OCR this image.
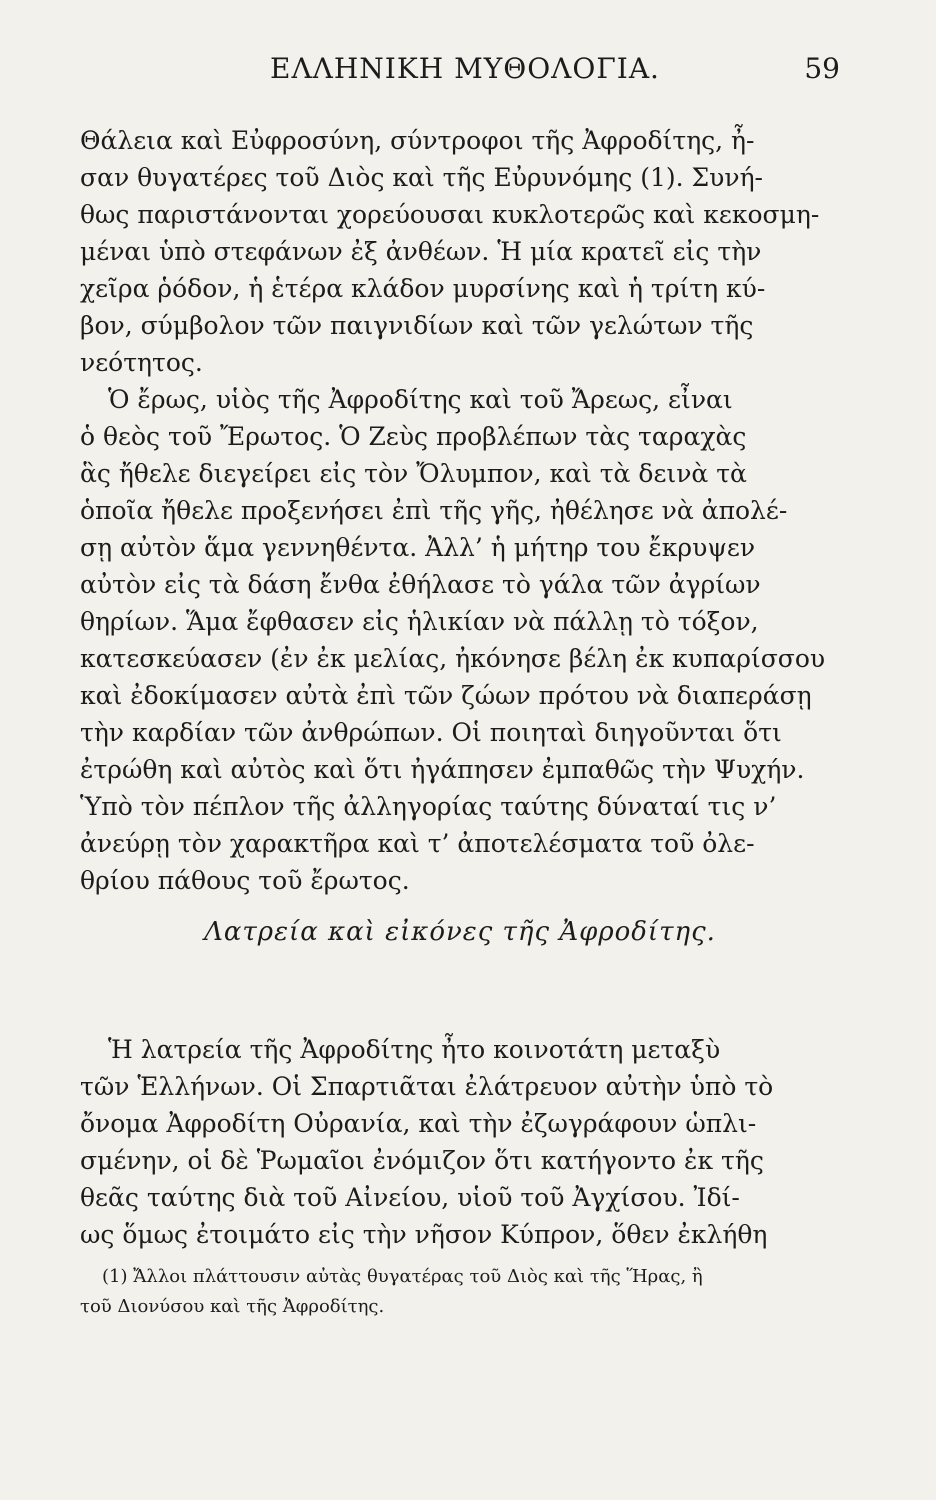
ΕΛΛΗΝΙΚΗ ΜΥΘΟΛΟΓΙΑ.	59
Θάλεια καὶ Εὐφροσύνη, σύντροφοι τῆς Ἀφροδίτης, ἦ-
σαν θυγατέρες τοῦ Διὸς καὶ τῆς Εὐρυνόμης (1). Συνή-
θως παριστάνονται χορεύουσαι κυκλοτερῶς καὶ κεκοσμη-
μέναι ὑπὸ στεφάνων ἐξ ἀνθέων. Ἡ μία κρατεῖ εἰς τὴν
χεῖρα ῥόδον, ἡ ἑτέρα κλάδον μυρσίνης καὶ ἡ τρίτη κύ-
βον, σύμβολον τῶν παιγνιδίων καὶ τῶν γελώτων τῆς
νεότητος.
Ὁ ἔρως, υἱὸς τῆς Ἀφροδίτης καὶ τοῦ Ἄρεως, εἶναι
ὁ θεὸς τοῦ Ἔρωτος. Ὁ Ζεὺς προβλέπων τὰς ταραχὰς
ἃς ἤθελε διεγείρει εἰς τὸν Ὄλυμπον, καὶ τὰ δεινὰ τὰ
ὁποῖα ἤθελε προξενήσει ἐπὶ τῆς γῆς, ἠθέλησε νὰ ἀπολέ-
σῃ αὐτὸν ἅμα γεννηθέντα. Ἀλλ’ ἡ μήτηρ του ἔκρυψεν
αὐτὸν εἰς τὰ δάση ἔνθα ἐθήλασε τὸ γάλα τῶν ἀγρίων
θηρίων. Ἅμα ἔφθασεν εἰς ἡλικίαν νὰ πάλλῃ τὸ τόξον,
κατεσκεύασεν (ἐν ἐκ μελίας, ἠκόνησε βέλη ἐκ κυπαρίσσου
καὶ ἐδοκίμασεν αὐτὰ ἐπὶ τῶν ζώων πρότου νὰ διαπεράσῃ
τὴν καρδίαν τῶν ἀνθρώπων. Οἱ ποιηταὶ διηγοῦνται ὅτι
ἐτρώθη καὶ αὐτὸς καὶ ὅτι ἠγάπησεν ἐμπαθῶς τὴν Ψυχήν.
Ὑπὸ τὸν πέπλον τῆς ἀλληγορίας ταύτης δύναταί τις ν’
ἀνεύρῃ τὸν χαρακτῆρα καὶ τ’ ἀποτελέσματα τοῦ ὀλε-
θρίου πάθους τοῦ ἔρωτος.
Λατρεία καὶ εἰκόνες τῆς Ἀφροδίτης.
Ἡ λατρεία τῆς Ἀφροδίτης ἦτο κοινοτάτη μεταξὺ
τῶν Ἑλλήνων. Οἱ Σπαρτιᾶται ἐλάτρευον αὐτὴν ὑπὸ τὸ
ὄνομα Ἀφροδίτη Οὐρανία, καὶ τὴν ἐζωγράφουν ὡπλι-
σμένην, οἱ δὲ Ῥωμαῖοι ἐνόμιζον ὅτι κατήγοντο ἐκ τῆς
θεᾶς ταύτης διὰ τοῦ Αἰνείου, υἱοῦ τοῦ Ἀγχίσου. Ἰδί-
ως ὅμως ἐτοιμάτο εἰς τὴν νῆσον Κύπρον, ὅθεν ἐκλήθη
(1) Ἄλλοι πλάττουσιν αὐτὰς θυγατέρας τοῦ Διὸς καὶ τῆς Ἥρας, ἢ
τοῦ Διονύσου καὶ τῆς Ἀφροδίτης.
